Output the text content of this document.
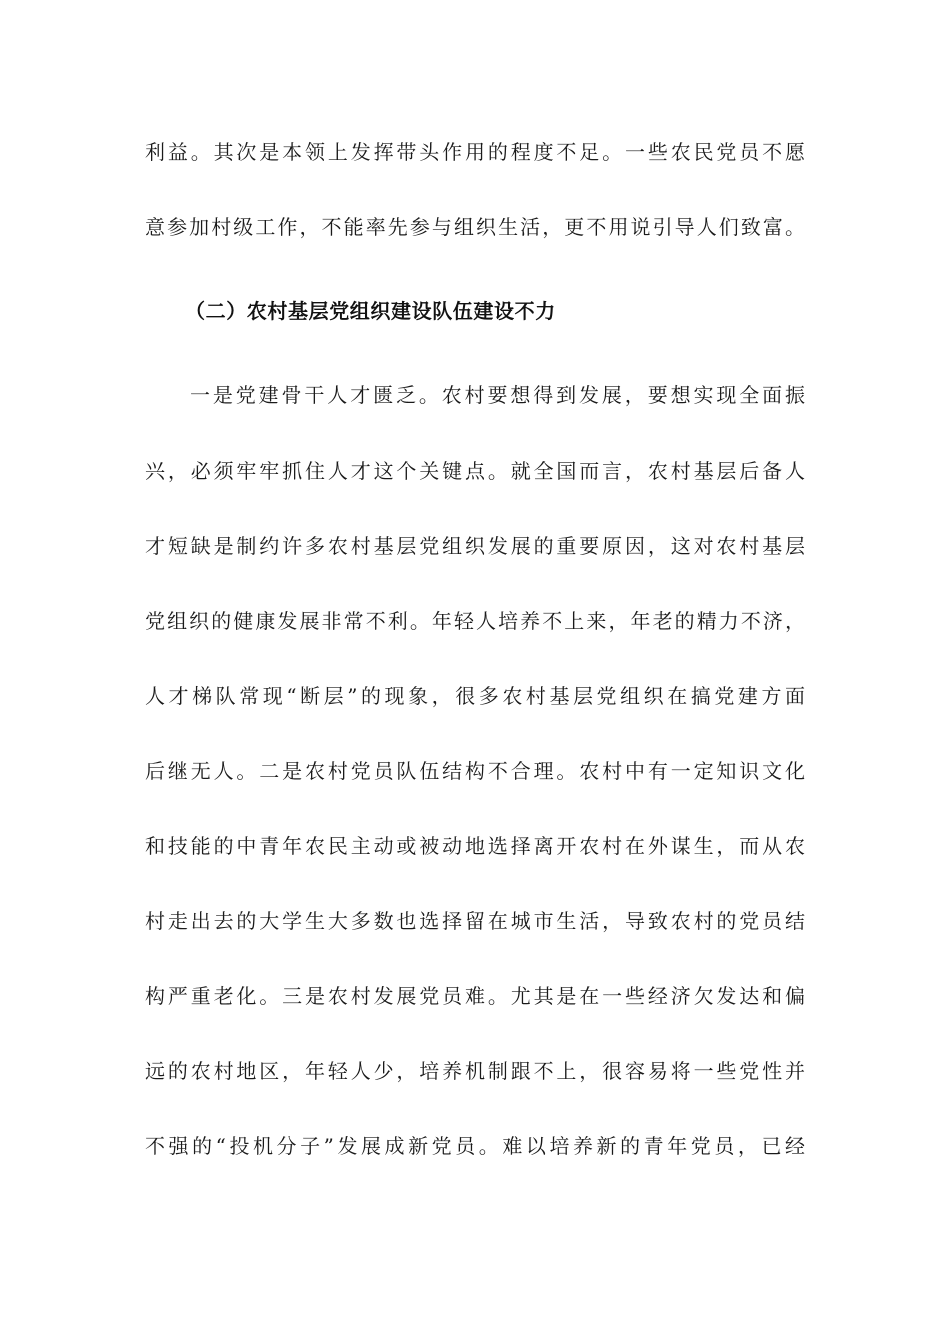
利益。其次是本领上发挥带头作用的程度不足。一些农民党员不愿
意参加村级工作，不能率先参与组织生活，更不用说引导人们致富。
（二）农村基层党组织建设队伍建设不力
一是党建骨干人才匮乏。农村要想得到发展，要想实现全面振
兴，必须牢牢抓住人才这个关键点。就全国而言，农村基层后备人
才短缺是制约许多农村基层党组织发展的重要原因，这对农村基层
党组织的健康发展非常不利。年轻人培养不上来，年老的精力不济，
人才梯队常现“断层”的现象，很多农村基层党组织在搞党建方面
后继无人。二是农村党员队伍结构不合理。农村中有一定知识文化
和技能的中青年农民主动或被动地选择离开农村在外谋生，而从农
村走出去的大学生大多数也选择留在城市生活，导致农村的党员结
构严重老化。三是农村发展党员难。尤其是在一些经济欠发达和偏
远的农村地区，年轻人少，培养机制跟不上，很容易将一些党性并
不强的“投机分子”发展成新党员。难以培养新的青年党员，已经
